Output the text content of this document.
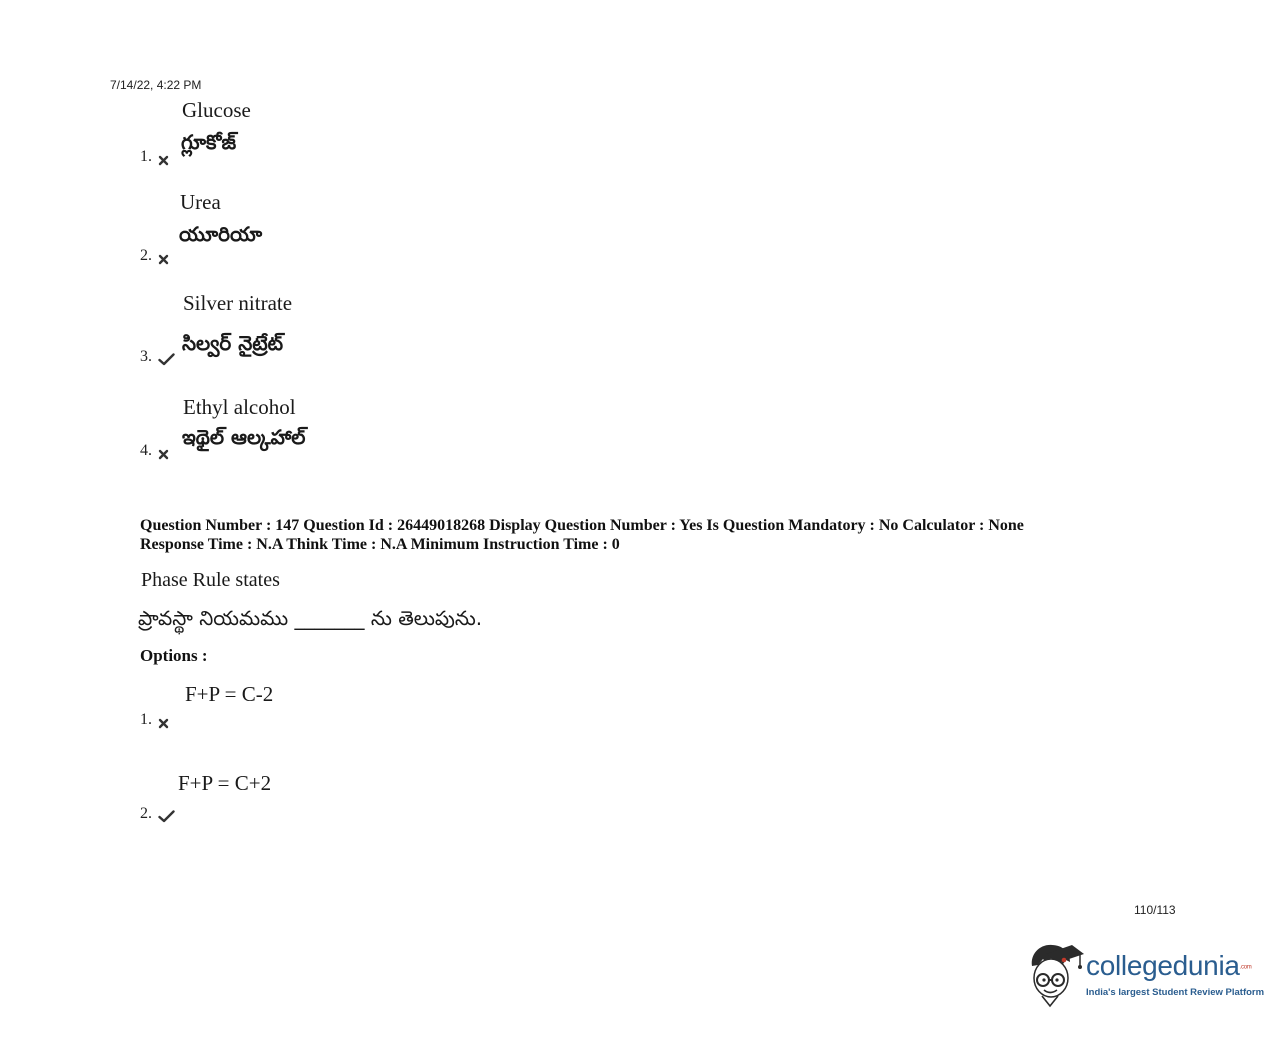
7/14/22, 4:22 PM
Glucose
గ్లూకోజ్
1.
Urea
యూరియా
2.
Silver nitrate
సిల్వర్ నైట్రేట్
3.
Ethyl alcohol
ఇథైల్ ఆల్కహాల్
4.
Question Number : 147 Question Id : 26449018268 Display Question Number : Yes Is Question Mandatory : No Calculator : None
Response Time : N.A Think Time : N.A Minimum Instruction Time : 0
Phase Rule states
ప్రావస్థా నియమము _______ ను తెలుపును.
Options :
F+P = C-2
1.
F+P = C+2
2.
110/113
collegedunia.com
India's largest Student Review Platform
